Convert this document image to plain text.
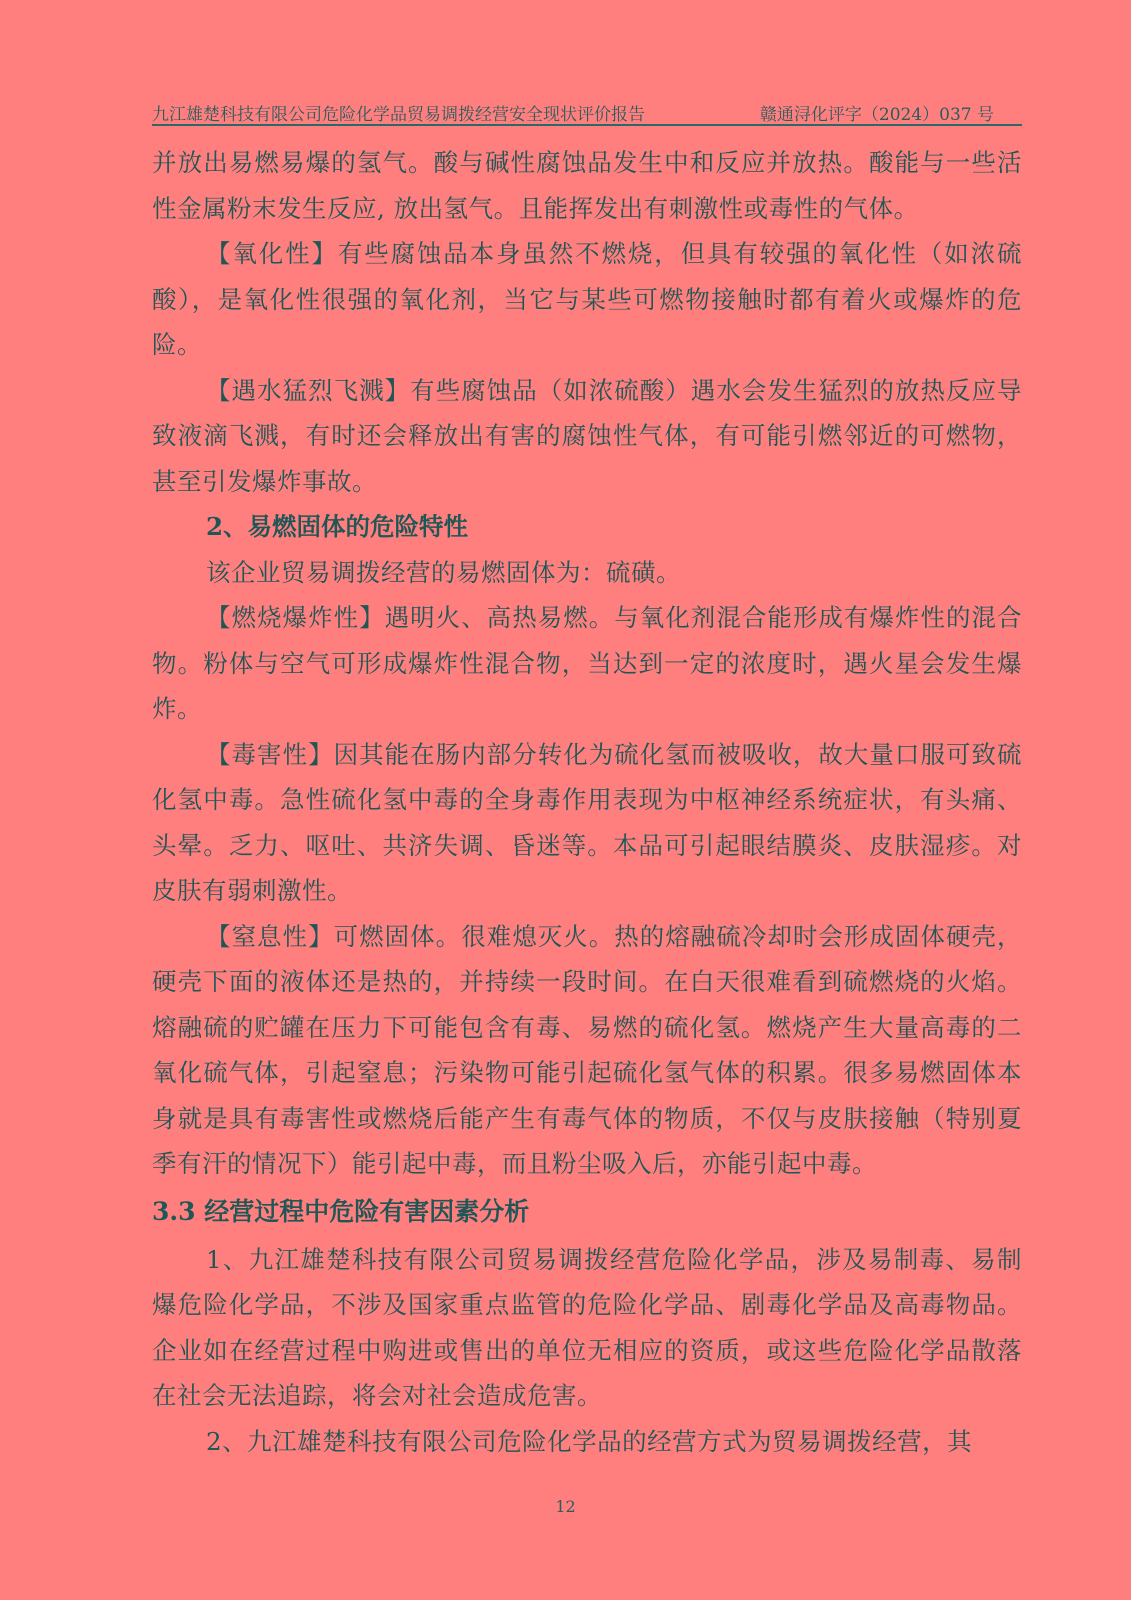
九江雄楚科技有限公司危险化学品贸易调拨经营安全现状评价报告	赣通浔化评字（2024）037 号

并放出易燃易爆的氢气。酸与碱性腐蚀品发生中和反应并放热。酸能与一些活性金属粉末发生反应, 放出氢气。且能挥发出有刺激性或毒性的气体。

【氧化性】有些腐蚀品本身虽然不燃烧，但具有较强的氧化性（如浓硫酸），是氧化性很强的氧化剂，当它与某些可燃物接触时都有着火或爆炸的危险。

【遇水猛烈飞溅】有些腐蚀品（如浓硫酸）遇水会发生猛烈的放热反应导致液滴飞溅，有时还会释放出有害的腐蚀性气体，有可能引燃邻近的可燃物，甚至引发爆炸事故。

2、易燃固体的危险特性

该企业贸易调拨经营的易燃固体为：硫磺。

【燃烧爆炸性】遇明火、高热易燃。与氧化剂混合能形成有爆炸性的混合物。粉体与空气可形成爆炸性混合物，当达到一定的浓度时，遇火星会发生爆炸。

【毒害性】因其能在肠内部分转化为硫化氢而被吸收，故大量口服可致硫化氢中毒。急性硫化氢中毒的全身毒作用表现为中枢神经系统症状，有头痛、头晕。乏力、呕吐、共济失调、昏迷等。本品可引起眼结膜炎、皮肤湿疹。对皮肤有弱刺激性。

【窒息性】可燃固体。很难熄灭火。热的熔融硫冷却时会形成固体硬壳，硬壳下面的液体还是热的，并持续一段时间。在白天很难看到硫燃烧的火焰。熔融硫的贮罐在压力下可能包含有毒、易燃的硫化氢。燃烧产生大量高毒的二氧化硫气体，引起窒息；污染物可能引起硫化氢气体的积累。很多易燃固体本身就是具有毒害性或燃烧后能产生有毒气体的物质，不仅与皮肤接触（特别夏季有汗的情况下）能引起中毒，而且粉尘吸入后，亦能引起中毒。

3.3 经营过程中危险有害因素分析

1、九江雄楚科技有限公司贸易调拨经营危险化学品，涉及易制毒、易制爆危险化学品，不涉及国家重点监管的危险化学品、剧毒化学品及高毒物品。企业如在经营过程中购进或售出的单位无相应的资质，或这些危险化学品散落在社会无法追踪，将会对社会造成危害。

2、九江雄楚科技有限公司危险化学品的经营方式为贸易调拨经营，其

12
